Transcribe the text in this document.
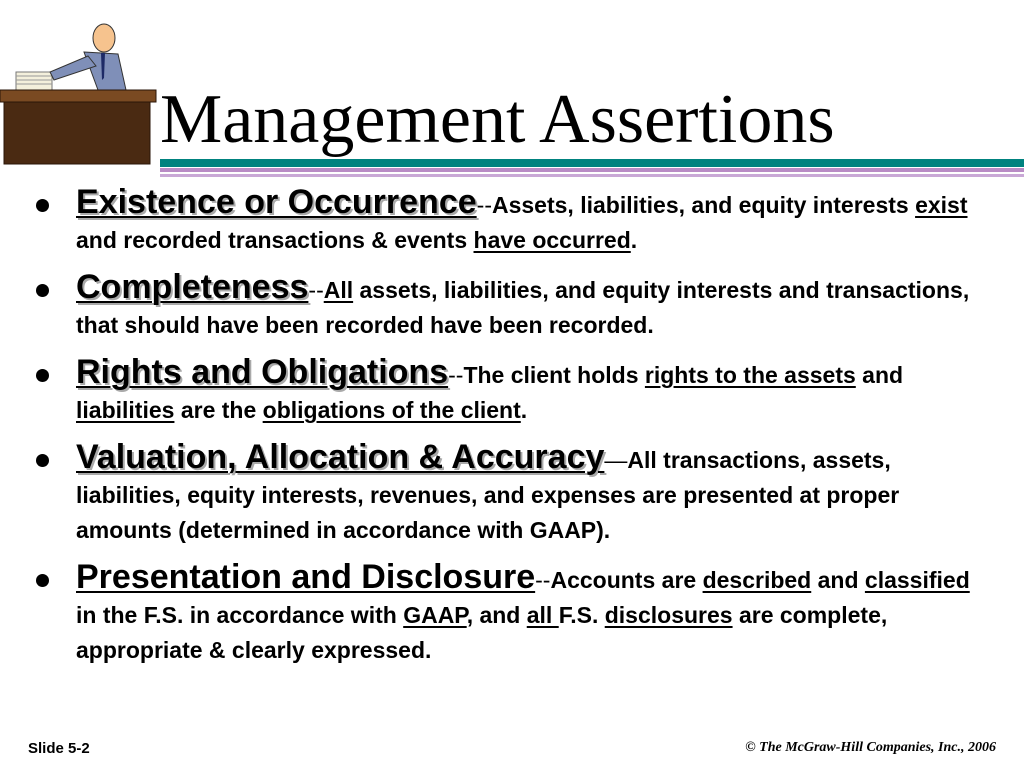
Management Assertions
Existence or Occurrence--Assets, liabilities, and equity interests exist and recorded transactions & events have occurred.
Completeness--All assets, liabilities, and equity interests and transactions, that should have been recorded have been recorded.
Rights and Obligations--The client holds rights to the assets and liabilities are the obligations of the client.
Valuation, Allocation & Accuracy—All transactions, assets, liabilities, equity interests, revenues, and expenses are presented at proper amounts (determined in accordance with GAAP).
Presentation and Disclosure--Accounts are described and classified in the F.S. in accordance with GAAP, and all F.S. disclosures are complete, appropriate & clearly expressed.
Slide 5-2	© The McGraw-Hill Companies, Inc., 2006
